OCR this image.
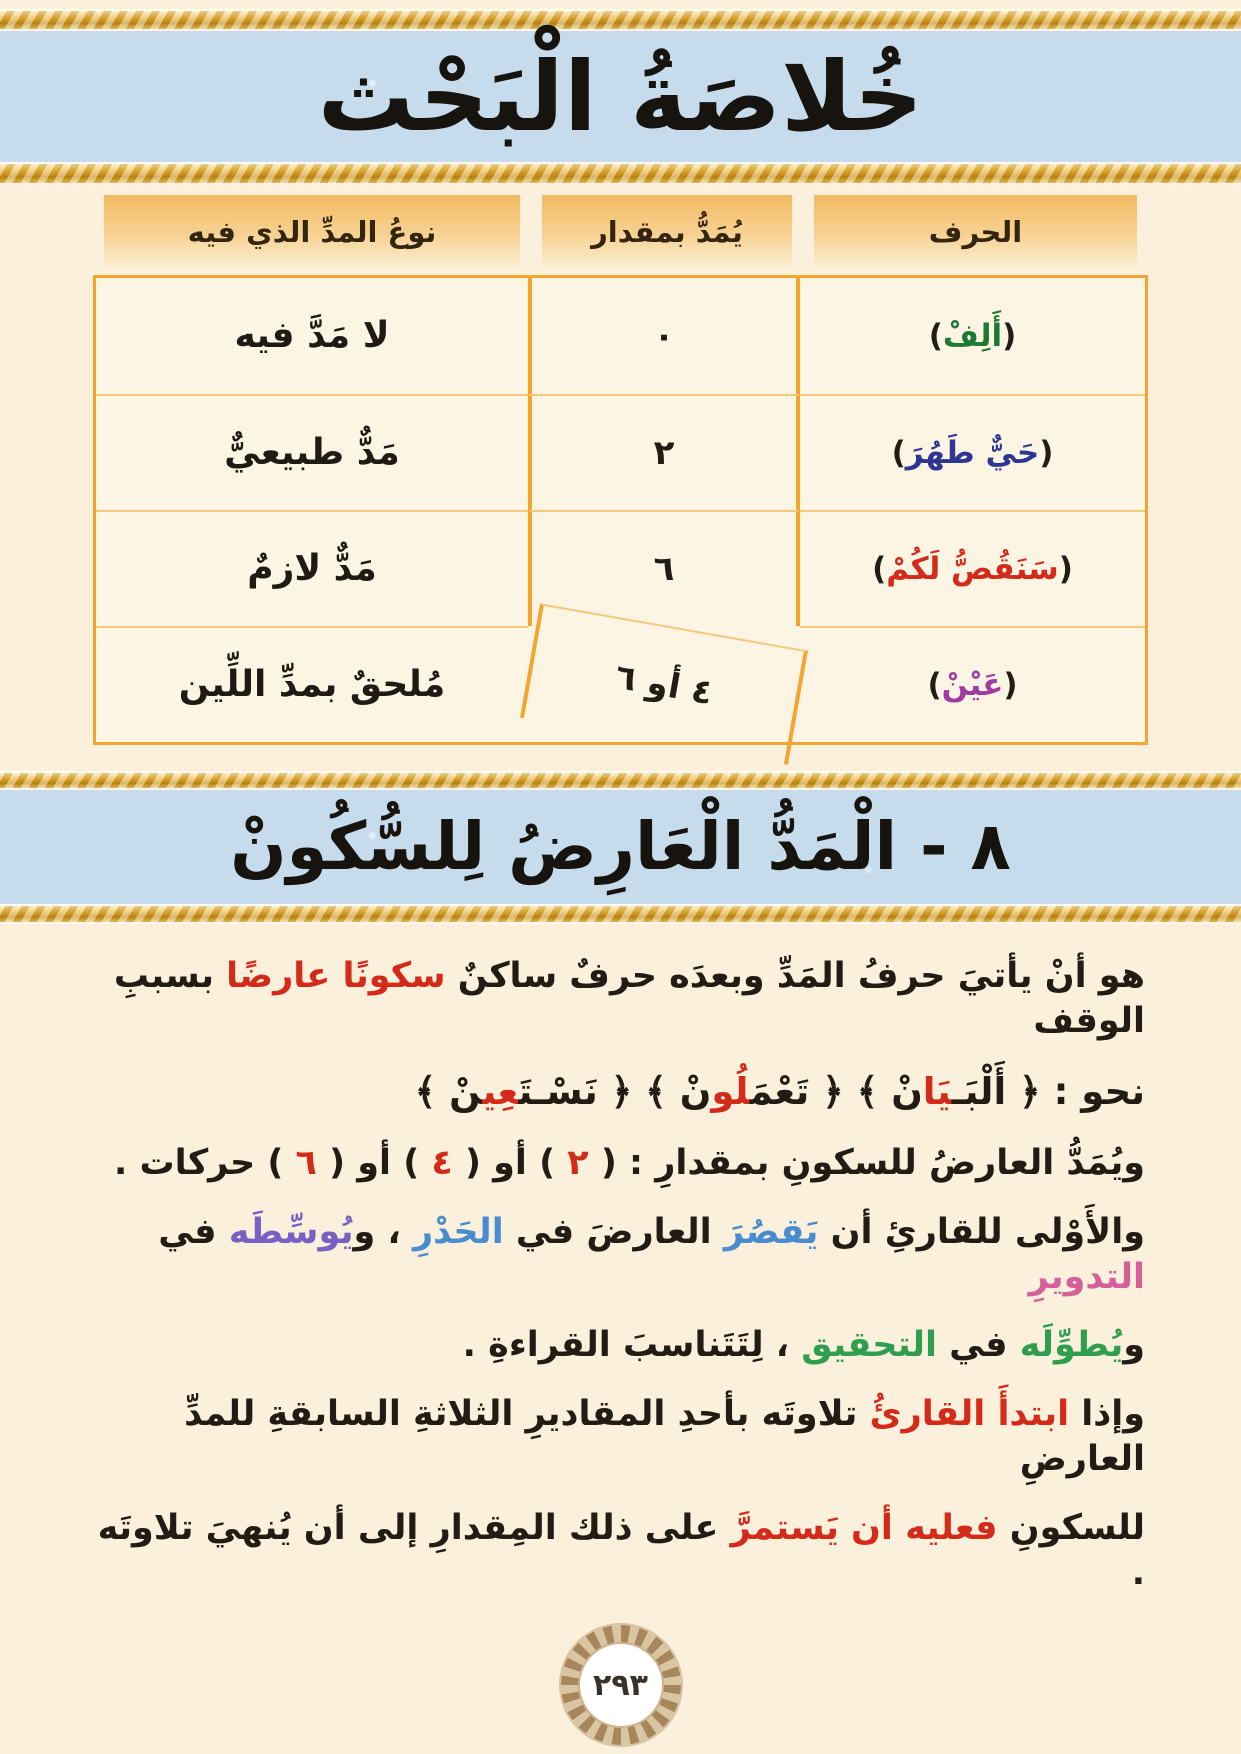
خُلاصَةُ الْبَحْث
الحرف
يُمَدُّ بمقدار
نوعُ المدِّ الذي فيه
(
أَلِفْ
)
٠
لا مَدَّ فيه
(
حَيٌّ طَهُرَ
)
٢
مَدٌّ طبيعيٌّ
(
سَنَقُصُّ لَكُمْ
)
٦
مَدٌّ لازمٌ
(
عَيْنْ
)
٤ أو ٦
مُلحقٌ بمدِّ اللِّين
٨ - الْمَدُّ الْعَارِضُ لِلسُّكُونْ

هو أنْ يأتيَ حرفُ المَدِّ وبعدَه حرفٌ ساكنٌ سكونًا عارضًا بسببِ الوقف

نحو : ﴿ أَلْبَـيَانْ ﴾ ﴿ تَعْمَلُونْ ﴾ ﴿ نَسْـتَعِينْ ﴾

ويُمَدُّ العارضُ للسكونِ بمقدارِ : ( ٢ ) أو ( ٤ ) أو ( ٦ ) حركات .

والأَوْلى للقارئِ أن يَقصُرَ العارضَ في الحَدْرِ ، ويُوسِّطَه في التدويرِ

ويُطوِّلَه في التحقيق ، لِتَتَناسبَ القراءةِ .

وإذا ابتدأَ القارئُ تلاوتَه بأحدِ المقاديرِ الثلاثةِ السابقةِ للمدِّ العارضِ

للسكونِ فعليه أن يَستمرَّ على ذلك المِقدارِ إلى أن يُنهيَ تلاوتَه .

٢٩٣
